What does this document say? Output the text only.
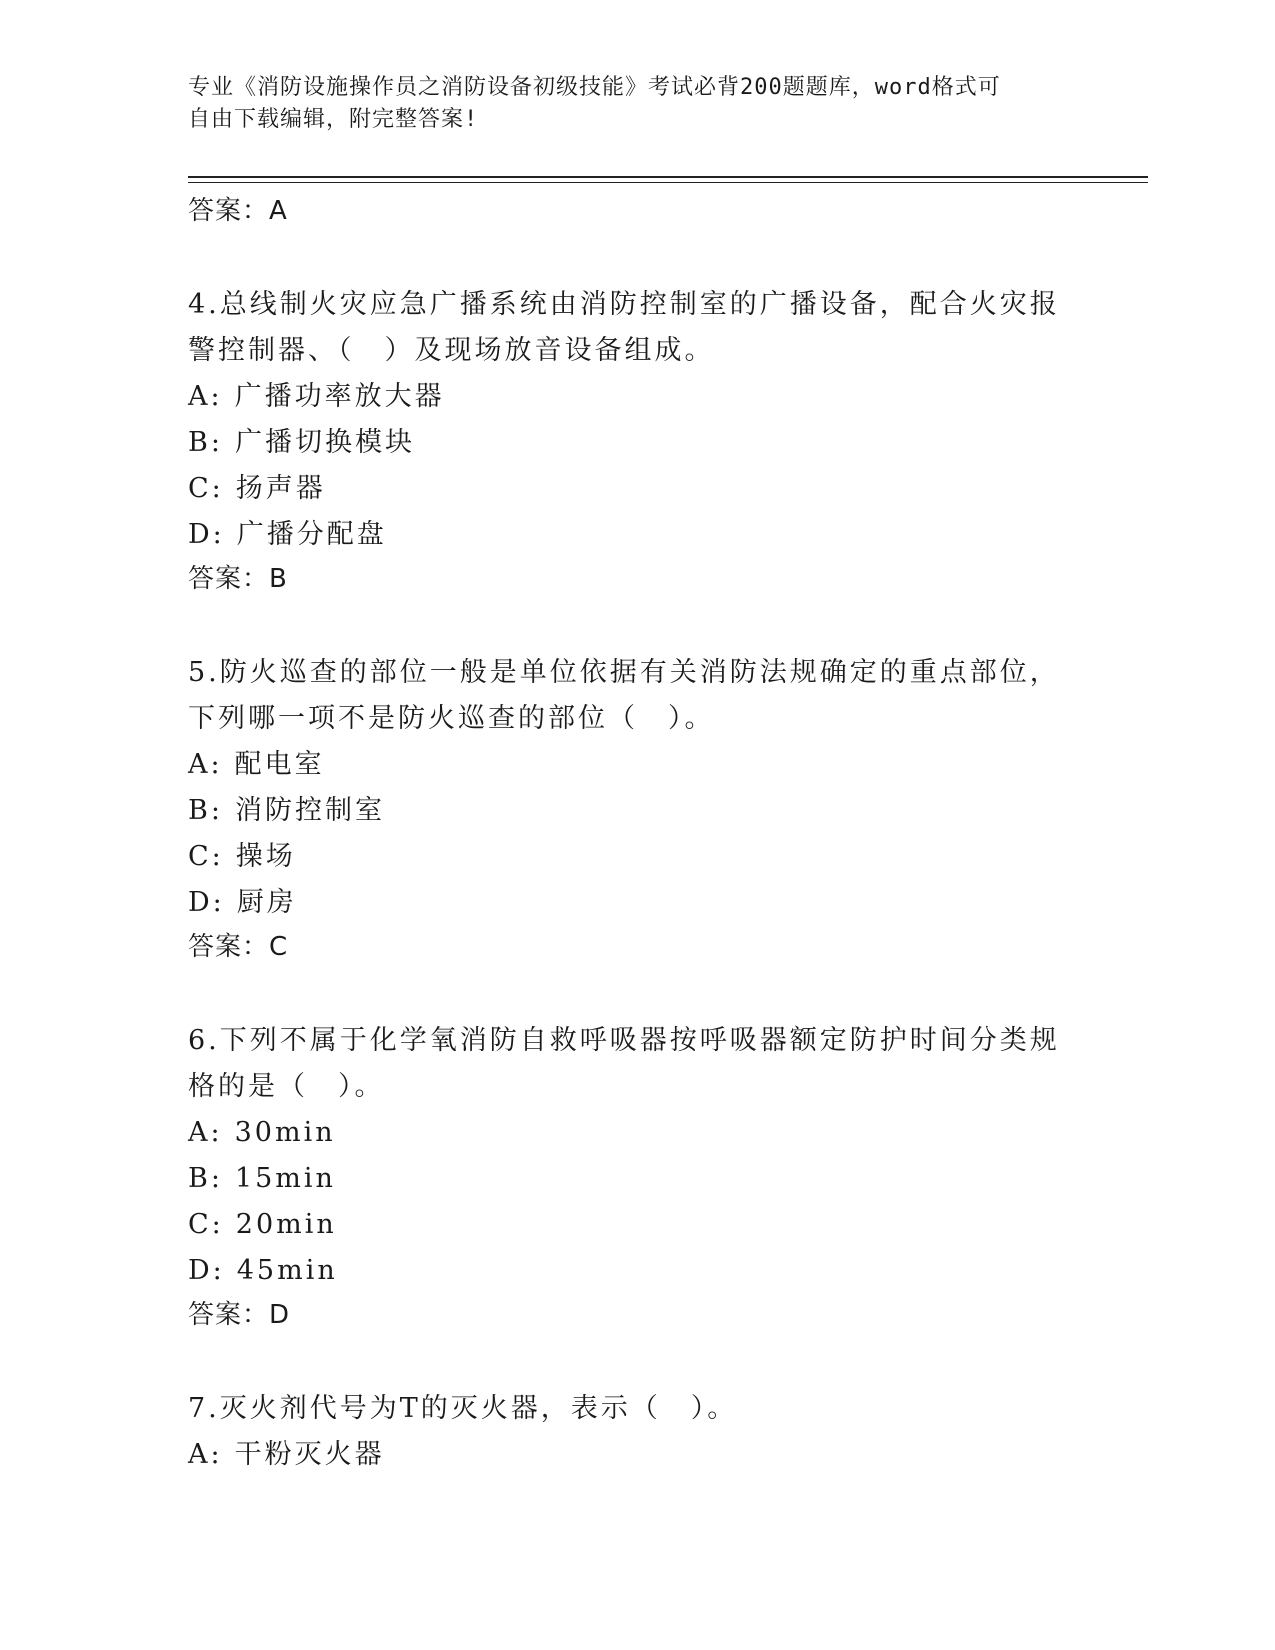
专业《消防设施操作员之消防设备初级技能》考试必背200题题库，word格式可
自由下载编辑，附完整答案!
答案：A

4.总线制火灾应急广播系统由消防控制室的广播设备，配合火灾报警控制器、（　）及现场放音设备组成。

A: 广播功率放大器
B: 广播切换模块
C: 扬声器
D: 广播分配盘
答案：B

5.防火巡查的部位一般是单位依据有关消防法规确定的重点部位，下列哪一项不是防火巡查的部位（　）。

A: 配电室
B: 消防控制室
C: 操场
D: 厨房
答案：C

6.下列不属于化学氧消防自救呼吸器按呼吸器额定防护时间分类规格的是（　）。

A: 30min
B: 15min
C: 20min
D: 45min
答案：D

7.灭火剂代号为T的灭火器，表示（　）。

A: 干粉灭火器
